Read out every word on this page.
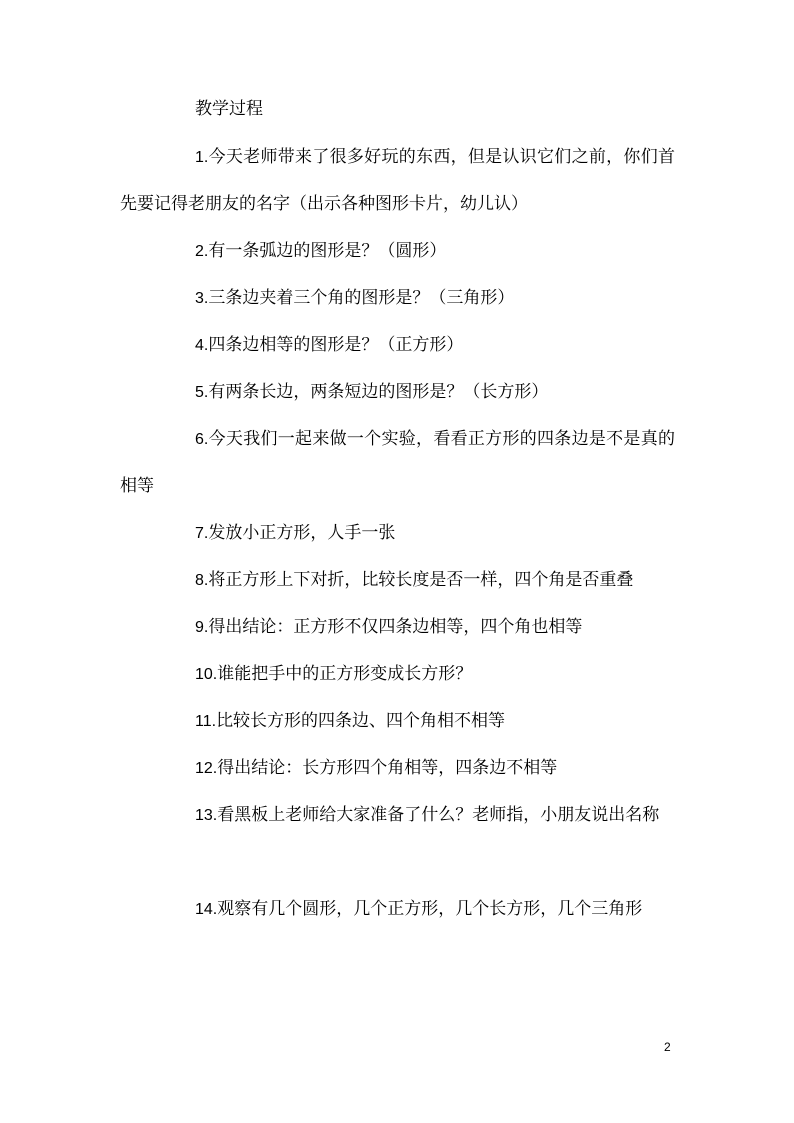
教学过程

1.今天老师带来了很多好玩的东西，但是认识它们之前，你们首先要记得老朋友的名字（出示各种图形卡片，幼儿认）

2.有一条弧边的图形是？（圆形）

3.三条边夹着三个角的图形是？（三角形）

4.四条边相等的图形是？（正方形）

5.有两条长边，两条短边的图形是？（长方形）

6.今天我们一起来做一个实验，看看正方形的四条边是不是真的相等

7.发放小正方形，人手一张

8.将正方形上下对折，比较长度是否一样，四个角是否重叠

9.得出结论：正方形不仅四条边相等，四个角也相等

10.谁能把手中的正方形变成长方形？

11.比较长方形的四条边、四个角相不相等

12.得出结论：长方形四个角相等，四条边不相等

13.看黑板上老师给大家准备了什么？老师指，小朋友说出名称

14.观察有几个圆形，几个正方形，几个长方形，几个三角形

2
